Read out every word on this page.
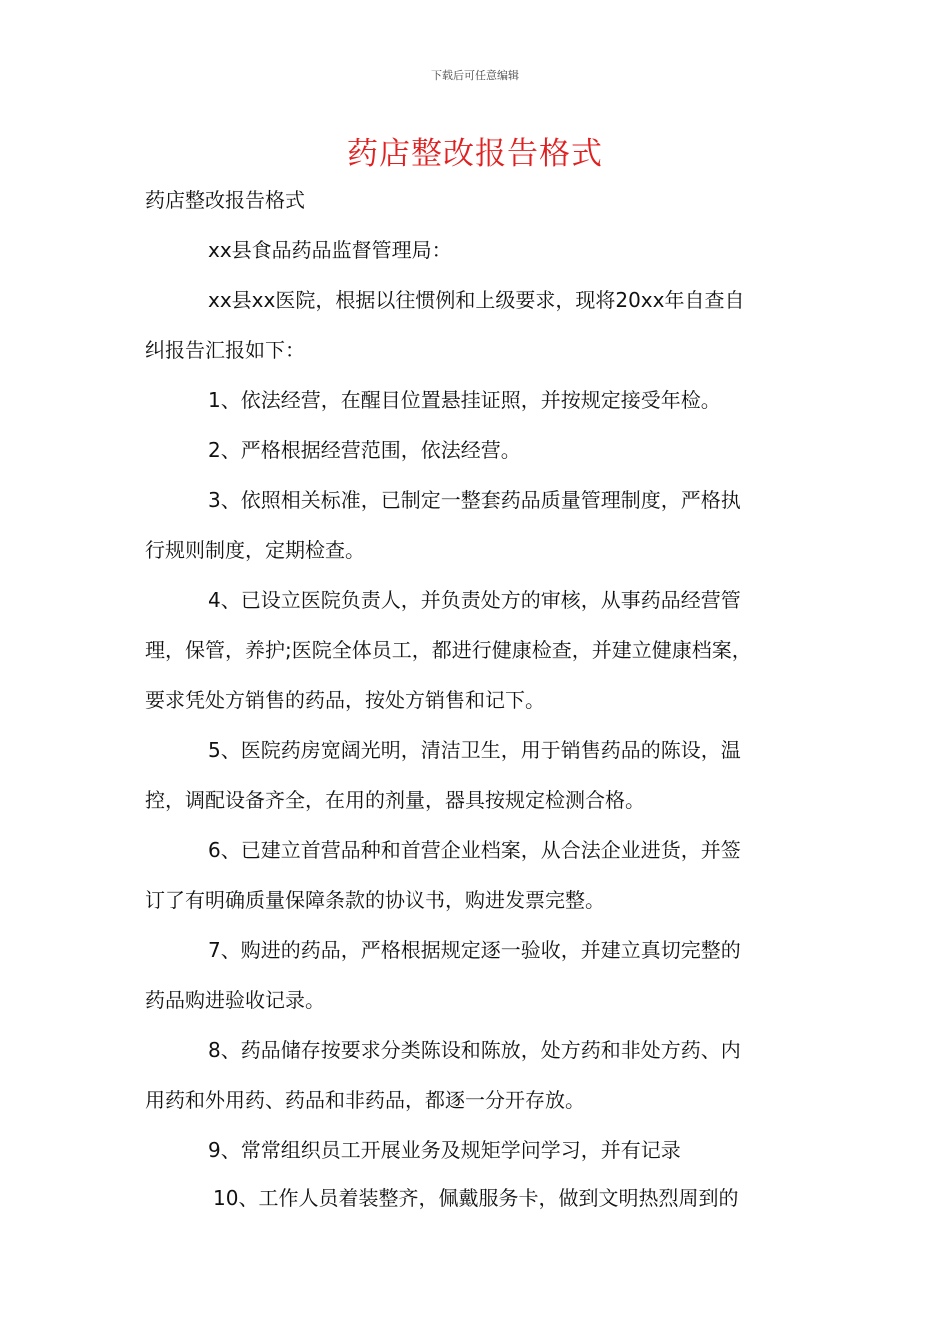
下载后可任意编辑
药店整改报告格式
药店整改报告格式
xx县食品药品监督管理局：
xx县xx医院，根据以往惯例和上级要求，现将20xx年自查自
纠报告汇报如下：
1、依法经营，在醒目位置悬挂证照，并按规定接受年检。
2、严格根据经营范围，依法经营。
3、依照相关标准，已制定一整套药品质量管理制度，严格执
行规则制度，定期检查。
4、已设立医院负责人，并负责处方的审核，从事药品经营管
理，保管，养护;医院全体员工，都进行健康检查，并建立健康档案，
要求凭处方销售的药品，按处方销售和记下。
5、医院药房宽阔光明，清洁卫生，用于销售药品的陈设，温
控，调配设备齐全，在用的剂量，器具按规定检测合格。
6、已建立首营品种和首营企业档案，从合法企业进货，并签
订了有明确质量保障条款的协议书，购进发票完整。
7、购进的药品，严格根据规定逐一验收，并建立真切完整的
药品购进验收记录。
8、药品储存按要求分类陈设和陈放，处方药和非处方药、内
用药和外用药、药品和非药品，都逐一分开存放。
9、常常组织员工开展业务及规矩学问学习，并有记录
10、工作人员着装整齐，佩戴服务卡，做到文明热烈周到的
